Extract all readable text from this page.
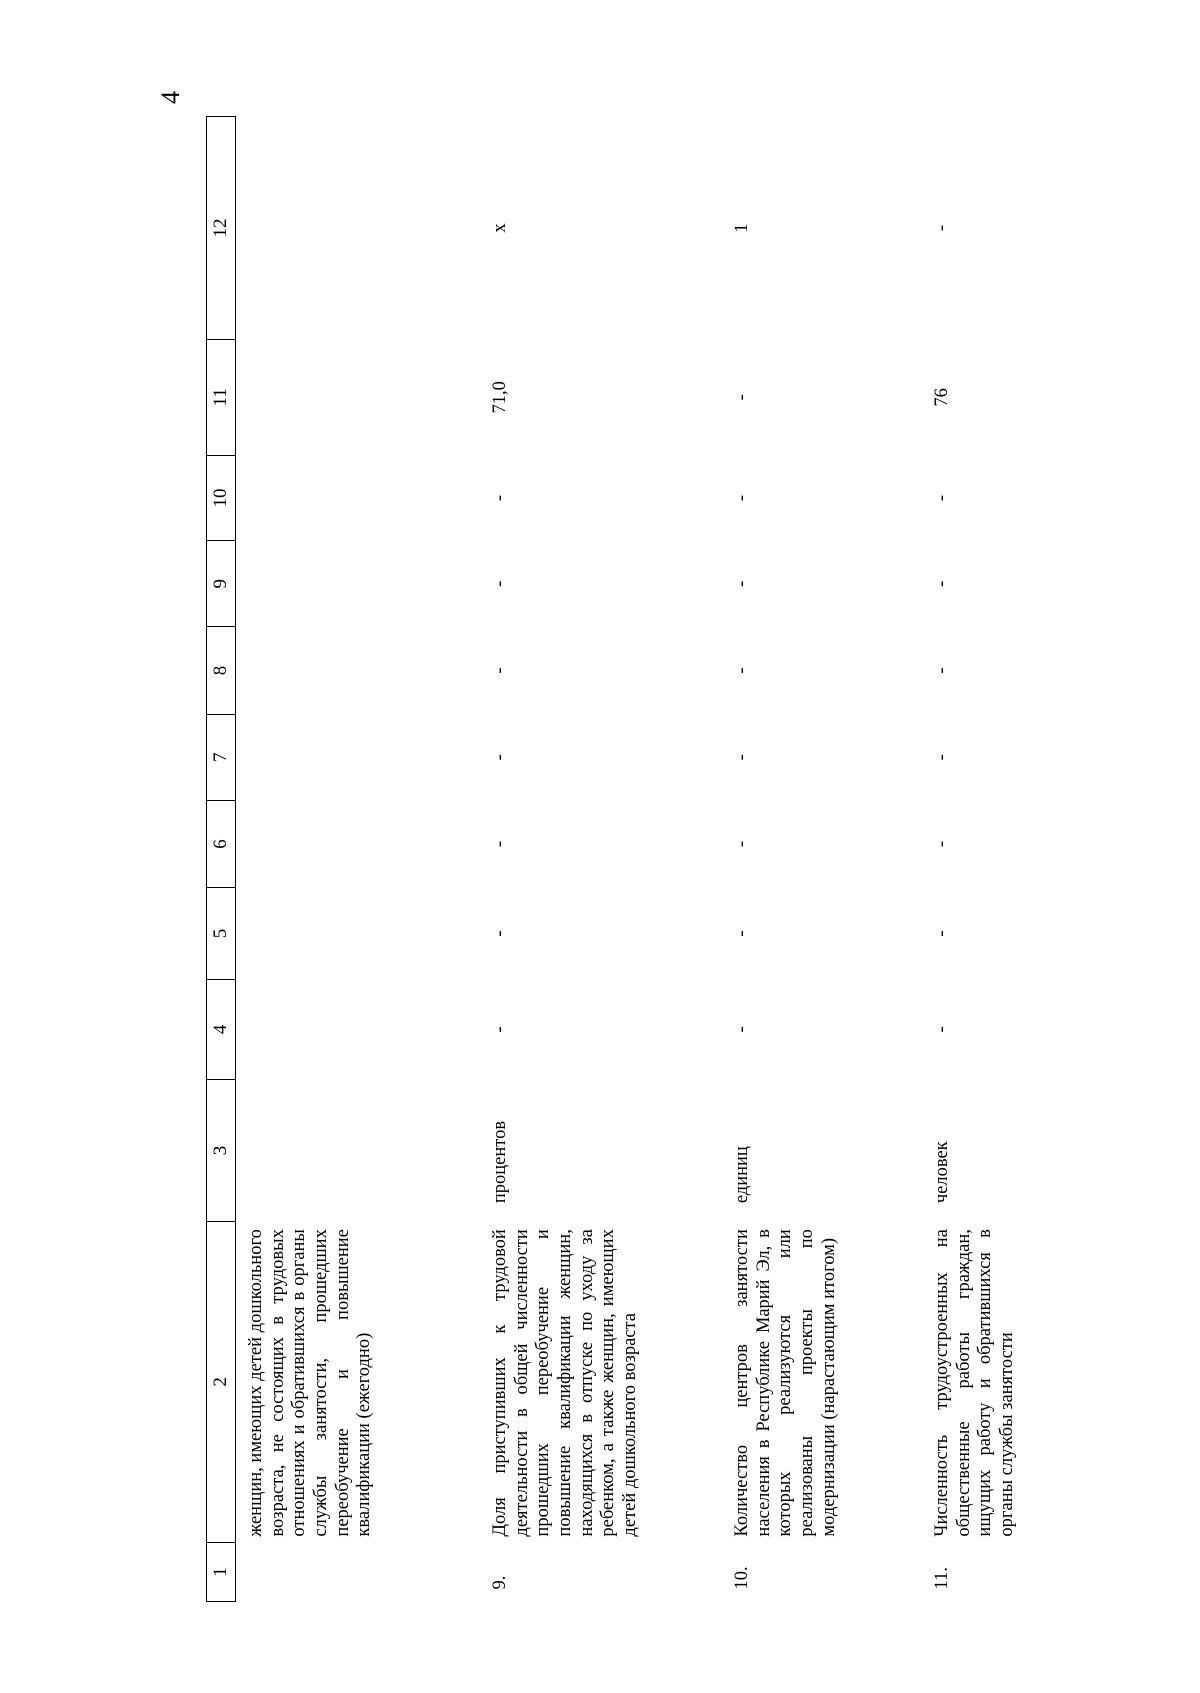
4
1	2	3	4	5	6	7	8	9	10	11	12
	женщин, имеющих детей дошкольного возраста, не состоящих в трудовых отношениях и обратившихся в органы службы занятости, прошедших переобучение и повышение квалификации (ежегодно)										
9.	Доля приступивших к трудовой деятельности в общей численности прошедших переобучение и повышение квалификации женщин, находящихся в отпуске по уходу за ребенком, а также женщин, имеющих детей дошкольного возраста	процентов	-	-	-	-	-	-	-	71,0	х
10.	Количество центров занятости населения в Республике Марий Эл, в которых реализуются или реализованы проекты по модернизации (нарастающим итогом)	единиц	-	-	-	-	-	-	-	-	1
11.	Численность трудоустроенных на общественные работы граждан, ищущих работу и обратившихся в органы службы занятости	человек	-	-	-	-	-	-	-	76	-
